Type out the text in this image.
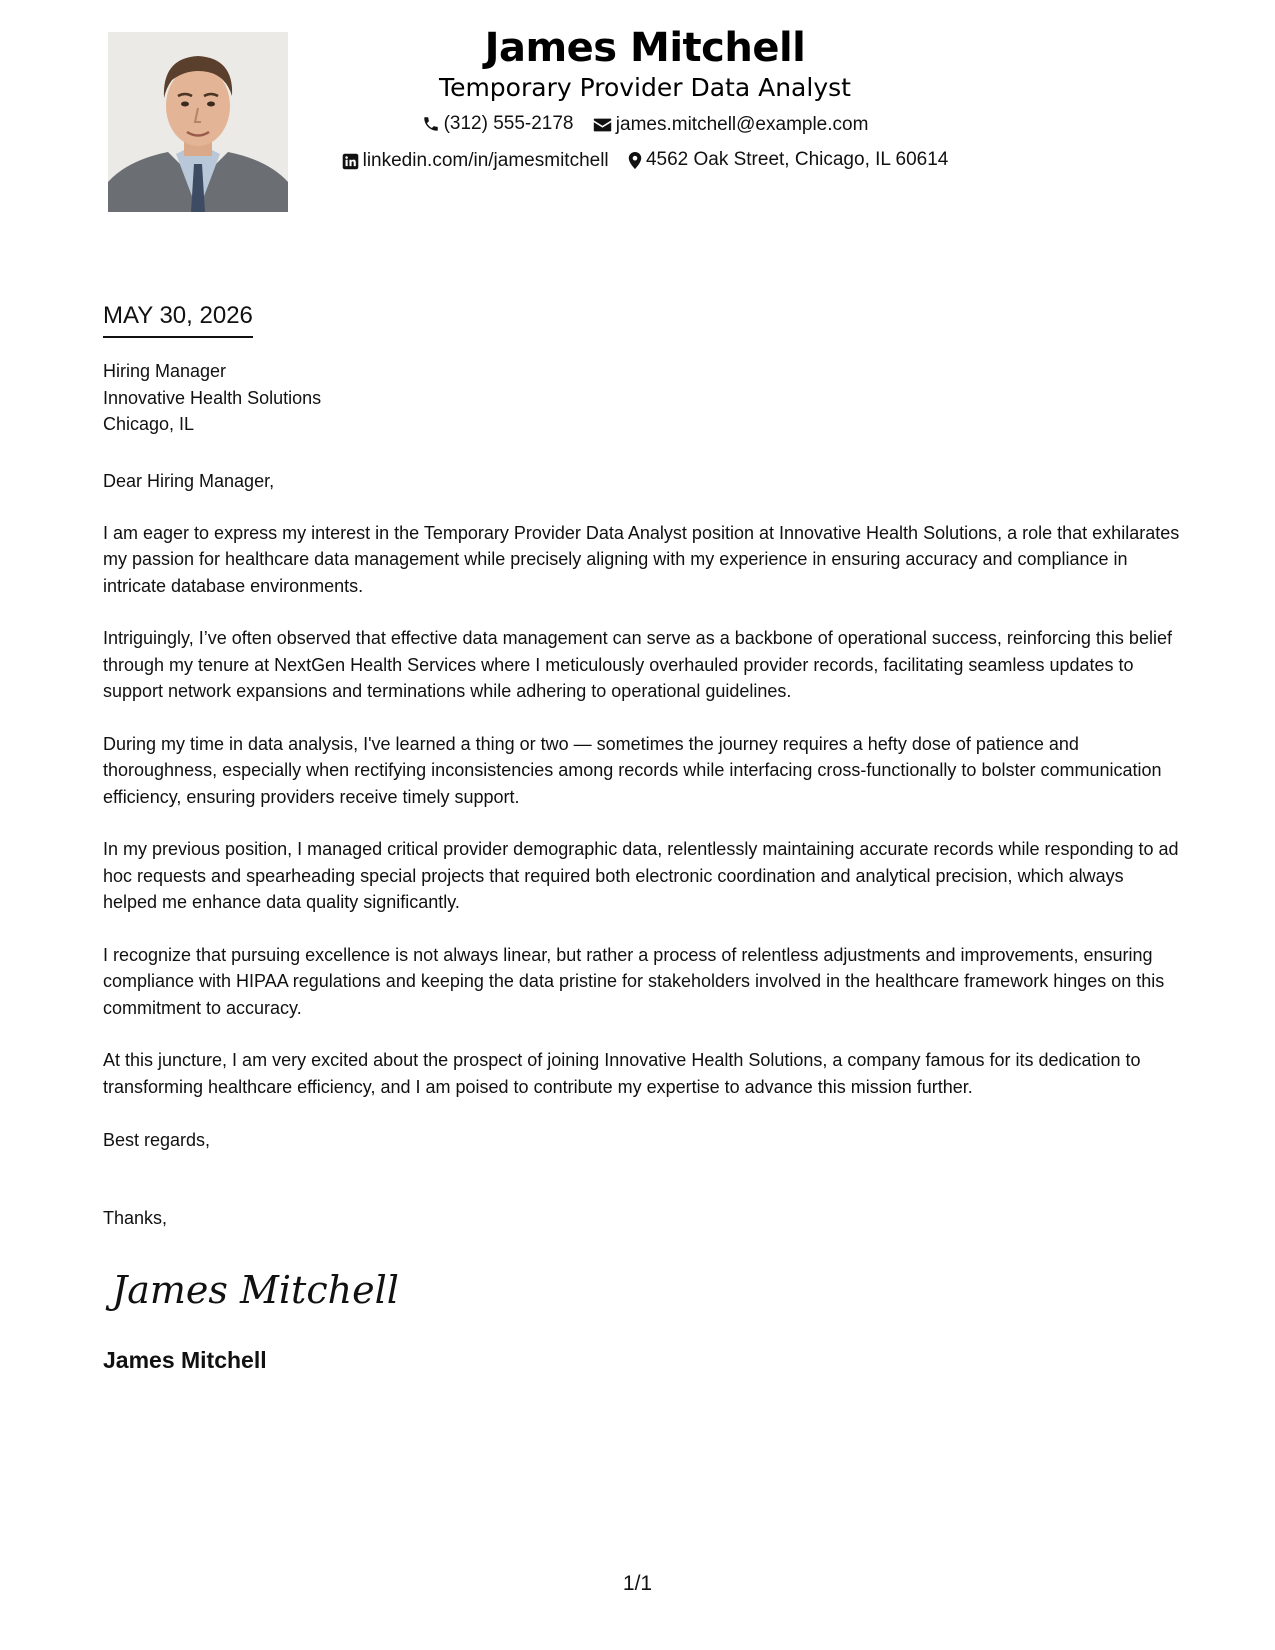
James Mitchell
Temporary Provider Data Analyst
(312) 555-2178
james.mitchell@example.com
linkedin.com/in/jamesmitchell
4562 Oak Street, Chicago, IL 60614
MAY 30, 2026
Hiring Manager
Innovative Health Solutions
Chicago, IL

Dear Hiring Manager,

I am eager to express my interest in the Temporary Provider Data Analyst position at Innovative Health Solutions, a role that exhilarates my passion for healthcare data management while precisely aligning with my experience in ensuring accuracy and compliance in intricate database environments.

Intriguingly, I’ve often observed that effective data management can serve as a backbone of operational success, reinforcing this belief through my tenure at NextGen Health Services where I meticulously overhauled provider records, facilitating seamless updates to support network expansions and terminations while adhering to operational guidelines.

During my time in data analysis, I've learned a thing or two — sometimes the journey requires a hefty dose of patience and thoroughness, especially when rectifying inconsistencies among records while interfacing cross-functionally to bolster communication efficiency, ensuring providers receive timely support.

In my previous position, I managed critical provider demographic data, relentlessly maintaining accurate records while responding to ad hoc requests and spearheading special projects that required both electronic coordination and analytical precision, which always helped me enhance data quality significantly.

I recognize that pursuing excellence is not always linear, but rather a process of relentless adjustments and improvements, ensuring compliance with HIPAA regulations and keeping the data pristine for stakeholders involved in the healthcare framework hinges on this commitment to accuracy.

At this juncture, I am very excited about the prospect of joining Innovative Health Solutions, a company famous for its dedication to transforming healthcare efficiency, and I am poised to contribute my expertise to advance this mission further.

Best regards,
Thanks,
James Mitchell
James Mitchell
1/1
